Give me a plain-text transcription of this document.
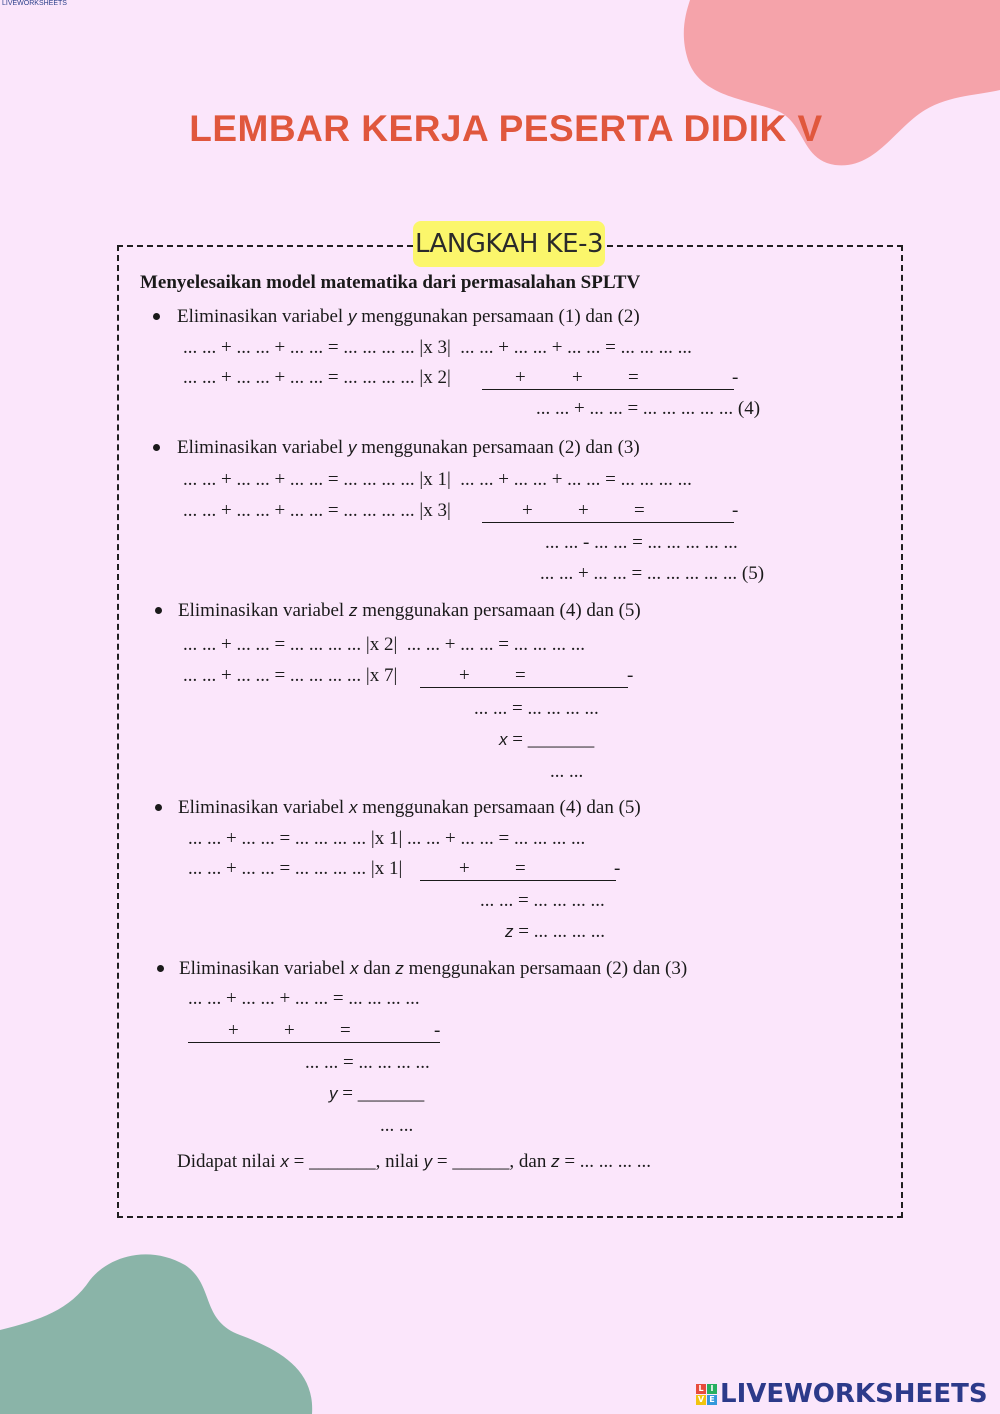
LIVEWORKSHEETS
LEMBAR KERJA PESERTA DIDIK V
LANGKAH KE-3
Menyelesaikan model matematika dari permasalahan SPLTV
Eliminasikan variabel y menggunakan persamaan (1) dan (2)
... ... + ... ... + ... ... = ... ... ... ... |x 3|  ... ... + ... ... + ... ... = ... ... ... ...
... ... + ... ... + ... ... = ... ... ... ... |x 2|	+ + =	-
... ... + ... ... = ... ... ... ... ... (4)
Eliminasikan variabel y menggunakan persamaan (2) dan (3)
... ... + ... ... + ... ... = ... ... ... ... |x 1|  ... ... + ... ... + ... ... = ... ... ... ...
... ... + ... ... + ... ... = ... ... ... ... |x 3|	+ + =	-
... ... - ... ... = ... ... ... ... ...
... ... + ... ... = ... ... ... ... ... (5)
Eliminasikan variabel z menggunakan persamaan (4) dan (5)
... ... + ... ... = ... ... ... ... |x 2|  ... ... + ... ... = ... ... ... ...
... ... + ... ... = ... ... ... ... |x 7|	+ =	-
... ... = ... ... ... ...
x = _______
... ...
Eliminasikan variabel x menggunakan persamaan (4) dan (5)
... ... + ... ... = ... ... ... ... |x 1| ... ... + ... ... = ... ... ... ...
... ... + ... ... = ... ... ... ... |x 1|	+ =	-
... ... = ... ... ... ...
z = ... ... ... ...
Eliminasikan variabel x dan z menggunakan persamaan (2) dan (3)
... ... + ... ... + ... ... = ... ... ... ...
+ + =	-
... ... = ... ... ... ...
y = _______
... ...
Didapat nilai x = _______, nilai y = ______, dan z = ... ... ... ...
L I
V E LIVEWORKSHEETS
